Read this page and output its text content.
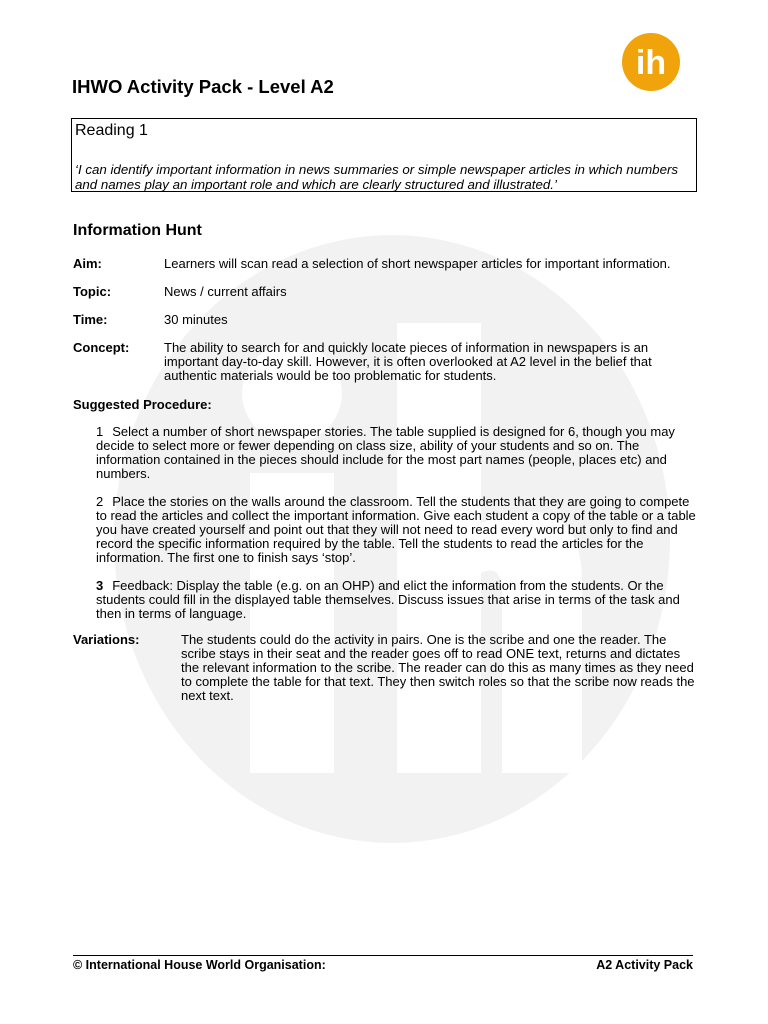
ih
IHWO Activity Pack - Level A2

Reading 1

‘I can identify important information in news summaries or simple newspaper articles in which numbers and names play an important role and which are clearly structured and illustrated.’

Information Hunt
Aim:	Learners will scan read a selection of short newspaper articles for important information.

Topic:	News / current affairs

Time:	30 minutes

Concept:	The ability to search for and quickly locate pieces of information in newspapers is an important day-to-day skill. However, it is often overlooked at A2 level in the belief that authentic materials would be too problematic for students.

Suggested Procedure:

1 Select a number of short newspaper stories. The table supplied is designed for 6, though you may decide to select more or fewer depending on class size, ability of your students and so on. The information contained in the pieces should include for the most part names (people, places etc) and numbers.

2 Place the stories on the walls around the classroom. Tell the students that they are going to compete to read the articles and collect the important information. Give each student a copy of the table or a table you have created yourself and point out that they will not need to read every word but only to find and record the specific information required by the table. Tell the students to read the articles for the information. The first one to finish says ‘stop’.

3 Feedback: Display the table (e.g. on an OHP) and elict the information from the students. Or the students could fill in the displayed table themselves. Discuss issues that arise in terms of the task and then in terms of language.

Variations:	The students could do the activity in pairs. One is the scribe and one the reader. The scribe stays in their seat and the reader goes off to read ONE text, returns and dictates the relevant information to the scribe. The reader can do this as many times as they need to complete the table for that text. They then switch roles so that the scribe now reads the next text.

© International House World Organisation:	A2 Activity Pack
